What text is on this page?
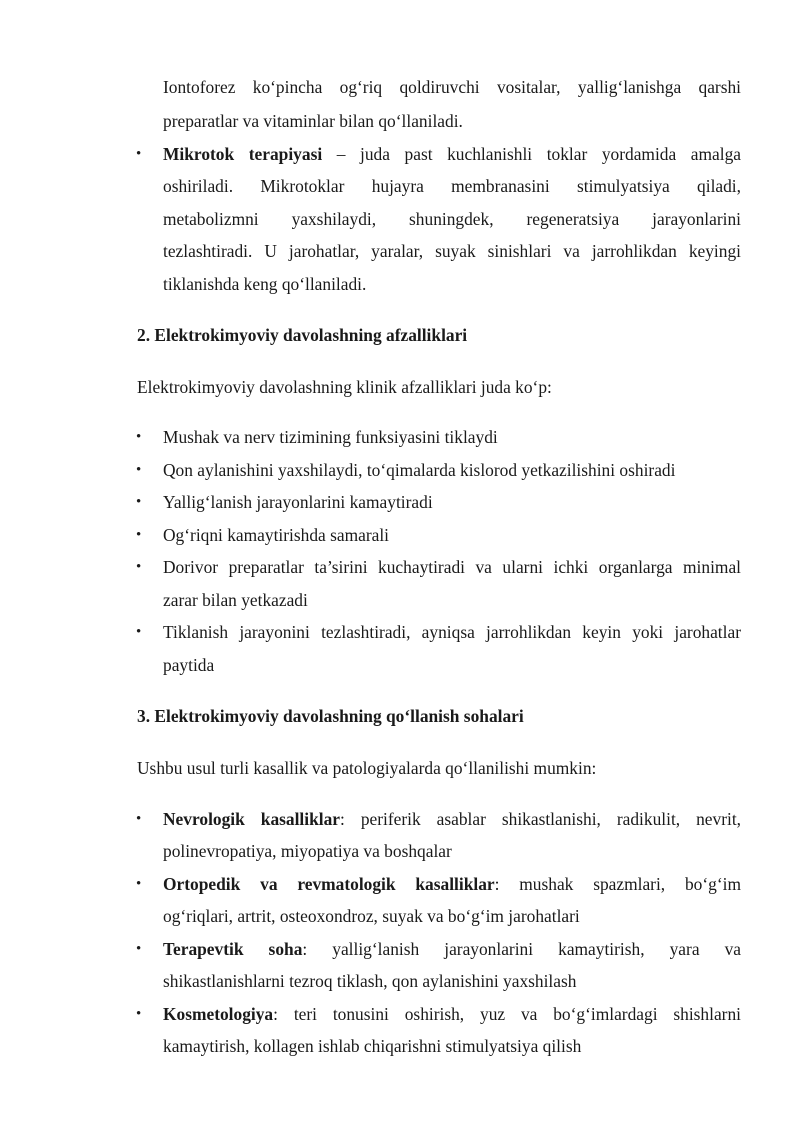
Iontoforez ko‘pincha og‘riq qoldiruvchi vositalar, yallig‘lanishga qarshi
preparatlar va vitaminlar bilan qo‘llaniladi.
• Mikrotok terapiyasi – juda past kuchlanishli toklar yordamida amalga
oshiriladi. Mikrotoklar hujayra membranasini stimulyatsiya qiladi,
metabolizmni yaxshilaydi, shuningdek, regeneratsiya jarayonlarini
tezlashtiradi. U jarohatlar, yaralar, suyak sinishlari va jarrohlikdan keyingi
tiklanishda keng qo‘llaniladi.
2. Elektrokimyoviy davolashning afzalliklari
Elektrokimyoviy davolashning klinik afzalliklari juda ko‘p:
• Mushak va nerv tizimining funksiyasini tiklaydi
• Qon aylanishini yaxshilaydi, to‘qimalarda kislorod yetkazilishini oshiradi
• Yallig‘lanish jarayonlarini kamaytiradi
• Og‘riqni kamaytirishda samarali
• Dorivor preparatlar ta’sirini kuchaytiradi va ularni ichki organlarga minimal
zarar bilan yetkazadi
• Tiklanish jarayonini tezlashtiradi, ayniqsa jarrohlikdan keyin yoki jarohatlar
paytida
3. Elektrokimyoviy davolashning qo‘llanish sohalari
Ushbu usul turli kasallik va patologiyalarda qo‘llanilishi mumkin:
• Nevrologik kasalliklar: periferik asablar shikastlanishi, radikulit, nevrit,
polinevropatiya, miyopatiya va boshqalar
• Ortopedik va revmatologik kasalliklar: mushak spazmlari, bo‘g‘im
og‘riqlari, artrit, osteoxondroz, suyak va bo‘g‘im jarohatlari
• Terapevtik soha: yallig‘lanish jarayonlarini kamaytirish, yara va
shikastlanishlarni tezroq tiklash, qon aylanishini yaxshilash
• Kosmetologiya: teri tonusini oshirish, yuz va bo‘g‘imlardagi shishlarni
kamaytirish, kollagen ishlab chiqarishni stimulyatsiya qilish
